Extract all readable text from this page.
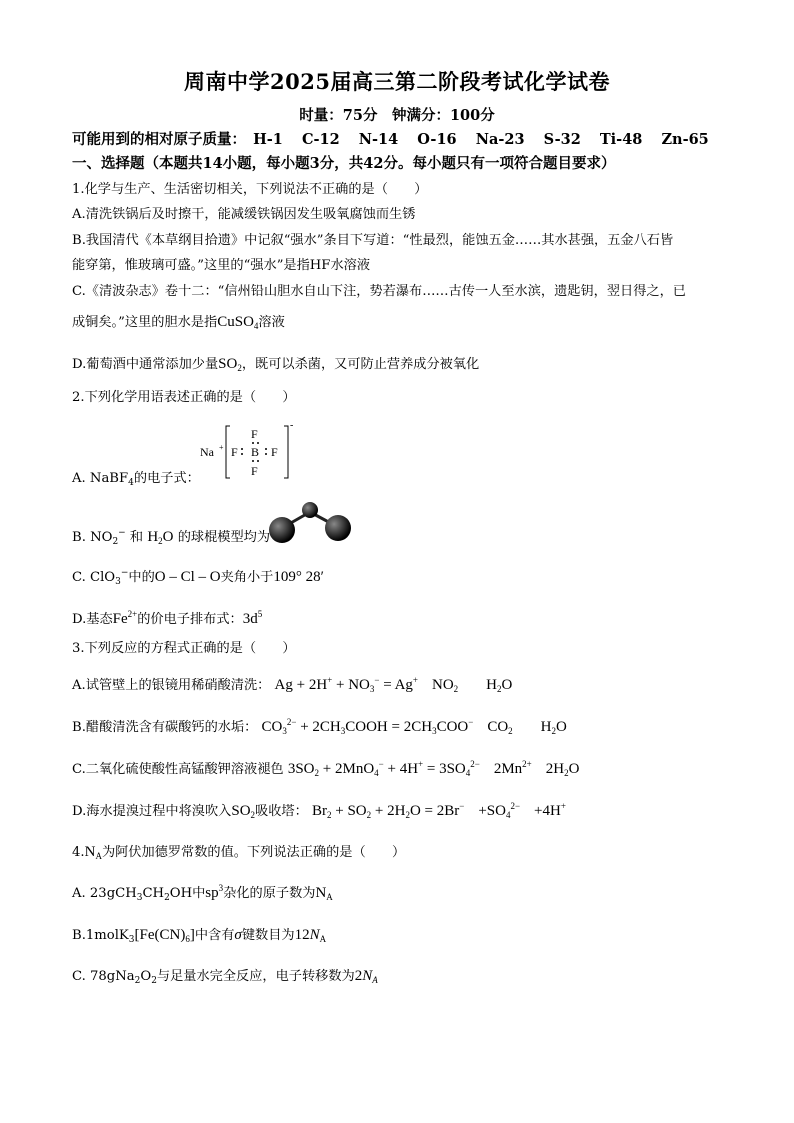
周南中学2025届高三第二阶段考试化学试卷
时量：75分　钟满分：100分
可能用到的相对原子质量： H-1 C-12 N-14 O-16 Na-23 S-32 Ti-48 Zn-65
一、选择题（本题共14小题，每小题3分，共42分。每小题只有一项符合题目要求）
1.化学与生产、生活密切相关，下列说法不正确的是（　　）
A.清洗铁锅后及时擦干，能减缓铁锅因发生吸氧腐蚀而生锈
B.我国清代《本草纲目拾遗》中记叙“强水”条目下写道：“性最烈，能蚀五金……其水甚强，五金八石皆
能穿第，惟玻璃可盛。”这里的“强水”是指HF水溶液
C.《清波杂志》卷十二：“信州铅山胆水自山下注，势若瀑布……古传一人至水滨，遗匙钥，翌日得之，已
成铜矣。”这里的胆水是指CuSO$_4$溶液
D.葡萄酒中通常添加少量$SO_2$，既可以杀菌，又可防止营养成分被氧化
2.下列化学用语表述正确的是（　　）
Na +
-
F
F B F
F
A. NaBF$_4$的电子式：
B. $NO_2^-$ 和 $H_2O$ 的球棍模型均为
C. ClO$_3$−中的O – Cl – O夹角小于109° 28′
D.基态$Fe^{2+}$的价电子排布式：$3d^5$
3.下列反应的方程式正确的是（　　）
A.试管壁上的银镜用稀硝酸清洗： $Ag + 2H^+ + NO_3^- = Ag^+$ $NO_2$ $H_2O$
B.醋酸清洗含有碳酸钙的水垢： $CO_3^{2-}$ + $2CH_3COOH = 2CH_3COO^-$ $CO_2$ $H_2O$
C.二氧化硫使酸性高锰酸钾溶液褪色 $3SO_2 + 2MnO_4^- + 4H^+ = 3SO_4^{2-}$ $2Mn^{2+}$ $2H_2O$
D.海水提溴过程中将溴吹入$SO_2$吸收塔： $Br_2 + SO_2 + 2H_2O = 2Br^- +SO_4^{2-} +4H^+$
$4.N_A$为阿伏加德罗常数的值。下列说法正确的是（　　）
A. $23gCH_3CH_2OH$中$sp^3$杂化的原子数为$N_A$
$B.1molK_3[Fe(CN)_6]$中含有σ键数目为$12N_A$
C. $78gNa_2O_2$与足量水完全反应，电子转移数为$2N_A$
